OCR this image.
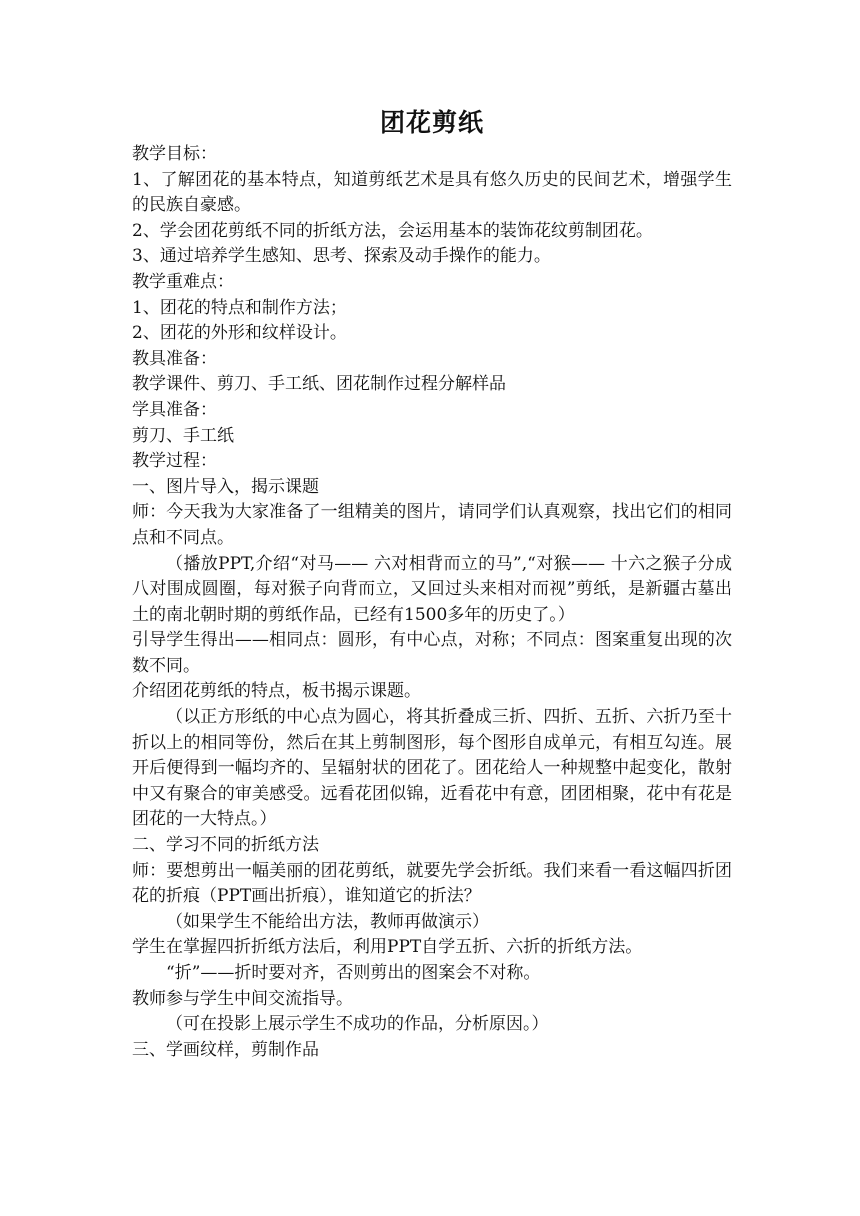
团花剪纸

教学目标：

1、了解团花的基本特点，知道剪纸艺术是具有悠久历史的民间艺术，增强学生的民族自豪感。

2、学会团花剪纸不同的折纸方法，会运用基本的装饰花纹剪制团花。

3、通过培养学生感知、思考、探索及动手操作的能力。

教学重难点：

1、团花的特点和制作方法；

2、团花的外形和纹样设计。

教具准备：

教学课件、剪刀、手工纸、团花制作过程分解样品

学具准备：

剪刀、手工纸

教学过程：

一、图片导入，揭示课题

师：今天我为大家准备了一组精美的图片，请同学们认真观察，找出它们的相同点和不同点。

（播放PPT,介绍“对马—— 六对相背而立的马”,“对猴—— 十六之猴子分成八对围成圆圈，每对猴子向背而立，又回过头来相对而视”剪纸，是新疆古墓出土的南北朝时期的剪纸作品，已经有1500多年的历史了。）

引导学生得出——相同点：圆形，有中心点，对称；不同点：图案重复出现的次数不同。

介绍团花剪纸的特点，板书揭示课题。

（以正方形纸的中心点为圆心，将其折叠成三折、四折、五折、六折乃至十折以上的相同等份，然后在其上剪制图形，每个图形自成单元，有相互勾连。展开后便得到一幅均齐的、呈辐射状的团花了。团花给人一种规整中起变化，散射中又有聚合的审美感受。远看花团似锦，近看花中有意，团团相聚，花中有花是团花的一大特点。）

二、学习不同的折纸方法

师：要想剪出一幅美丽的团花剪纸，就要先学会折纸。我们来看一看这幅四折团花的折痕（PPT画出折痕），谁知道它的折法？

（如果学生不能给出方法，教师再做演示）

学生在掌握四折折纸方法后，利用PPT自学五折、六折的折纸方法。

“折”——折时要对齐，否则剪出的图案会不对称。

教师参与学生中间交流指导。

（可在投影上展示学生不成功的作品，分析原因。）

三、学画纹样，剪制作品
